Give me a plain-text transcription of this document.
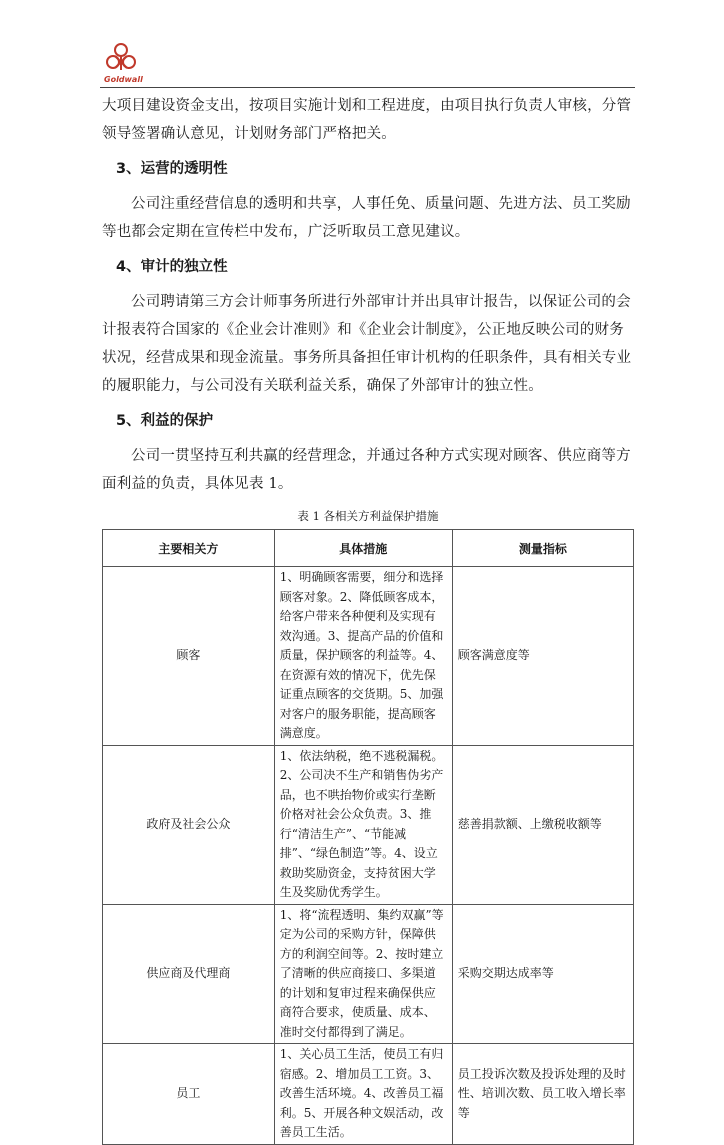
Goldwall

大项目建设资金支出，按项目实施计划和工程进度，由项目执行负责人审核，分管领导签署确认意见，计划财务部门严格把关。

3、运营的透明性

公司注重经营信息的透明和共享，人事任免、质量问题、先进方法、员工奖励等也都会定期在宣传栏中发布，广泛听取员工意见建议。

4、审计的独立性

公司聘请第三方会计师事务所进行外部审计并出具审计报告，以保证公司的会计报表符合国家的《企业会计准则》和《企业会计制度》，公正地反映公司的财务状况，经营成果和现金流量。事务所具备担任审计机构的任职条件，具有相关专业的履职能力，与公司没有关联利益关系，确保了外部审计的独立性。

5、利益的保护

公司一贯坚持互利共赢的经营理念，并通过各种方式实现对顾客、供应商等方面利益的负责，具体见表 1。

表 1 各相关方利益保护措施
主要相关方	具体措施	测量指标
顾客	1、明确顾客需要，细分和选择顾客对象。2、降低顾客成本，给客户带来各种便利及实现有效沟通。3、提高产品的价值和质量，保护顾客的利益等。4、在资源有效的情况下，优先保证重点顾客的交货期。5、加强对客户的服务职能，提高顾客满意度。	顾客满意度等
政府及社会公众	1、依法纳税，绝不逃税漏税。2、公司决不生产和销售伪劣产品，也不哄抬物价或实行垄断价格对社会公众负责。3、推行“清洁生产”、“节能减排”、“绿色制造”等。4、设立救助奖励资金，支持贫困大学生及奖励优秀学生。	慈善捐款额、上缴税收额等
供应商及代理商	1、将“流程透明、集约双赢”等定为公司的采购方针，保障供方的利润空间等。2、按时建立了清晰的供应商接口、多渠道的计划和复审过程来确保供应商符合要求，使质量、成本、准时交付都得到了满足。	采购交期达成率等
员工	1、关心员工生活，使员工有归宿感。2、增加员工工资。3、改善生活环境。4、改善员工福利。5、开展各种文娱活动，改善员工生活。	员工投诉次数及投诉处理的及时性、培训次数、员工收入增长率等
